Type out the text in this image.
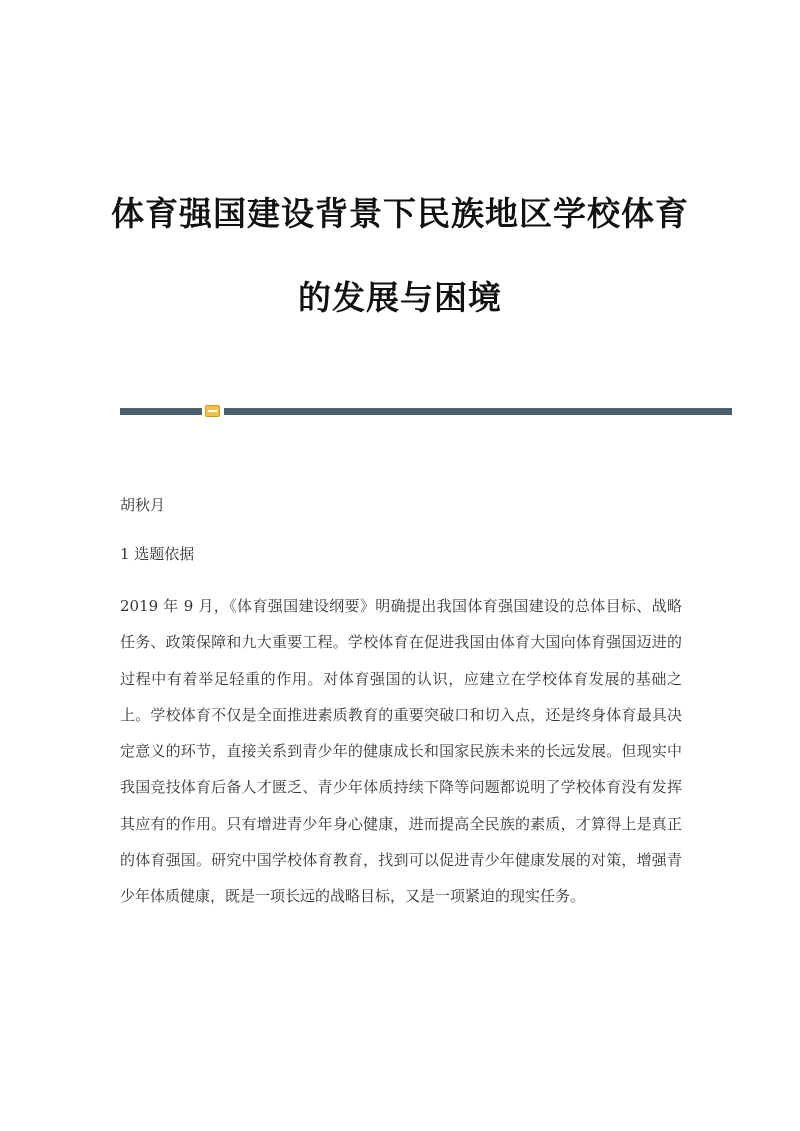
体育强国建设背景下民族地区学校体育
的发展与困境

胡秋月

1 选题依据

2019 年 9 月，《体育强国建设纲要》明确提出我国体育强国建设的总体目标、战略任务、政策保障和九大重要工程。学校体育在促进我国由体育大国向体育强国迈进的过程中有着举足轻重的作用。对体育强国的认识，应建立在学校体育发展的基础之上。学校体育不仅是全面推进素质教育的重要突破口和切入点，还是终身体育最具决定意义的环节，直接关系到青少年的健康成长和国家民族未来的长远发展。但现实中我国竞技体育后备人才匮乏、青少年体质持续下降等问题都说明了学校体育没有发挥其应有的作用。只有增进青少年身心健康，进而提高全民族的素质，才算得上是真正的体育强国。研究中国学校体育教育，找到可以促进青少年健康发展的对策，增强青少年体质健康，既是一项长远的战略目标，又是一项紧迫的现实任务。
